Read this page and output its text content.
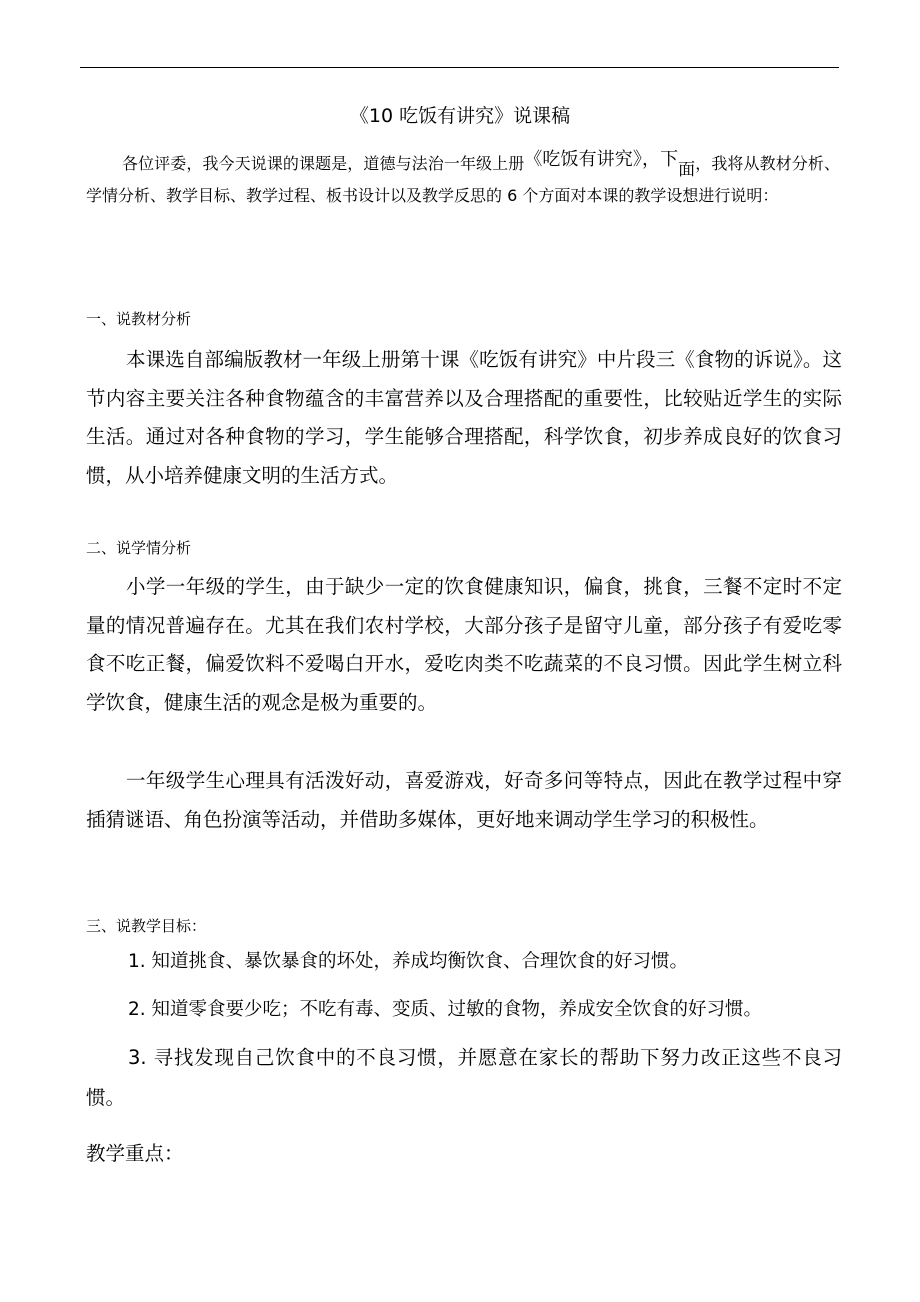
《10 吃饭有讲究》说课稿

各位评委，我今天说课的课题是，道德与法治一年级上册《吃饭有讲究》，下面，我将从教材分析、学情分析、教学目标、教学过程、板书设计以及教学反思的 6 个方面对本课的教学设想进行说明：

一、说教材分析

本课选自部编版教材一年级上册第十课《吃饭有讲究》中片段三《食物的诉说》。这节内容主要关注各种食物蕴含的丰富营养以及合理搭配的重要性，比较贴近学生的实际生活。通过对各种食物的学习，学生能够合理搭配，科学饮食，初步养成良好的饮食习惯，从小培养健康文明的生活方式。

二、说学情分析

小学一年级的学生，由于缺少一定的饮食健康知识，偏食，挑食，三餐不定时不定量的情况普遍存在。尤其在我们农村学校，大部分孩子是留守儿童，部分孩子有爱吃零食不吃正餐，偏爱饮料不爱喝白开水，爱吃肉类不吃蔬菜的不良习惯。因此学生树立科学饮食，健康生活的观念是极为重要的。

一年级学生心理具有活泼好动，喜爱游戏，好奇多问等特点，因此在教学过程中穿插猜谜语、角色扮演等活动，并借助多媒体，更好地来调动学生学习的积极性。

三、说教学目标：
1. 知道挑食、暴饮暴食的坏处，养成均衡饮食、合理饮食的好习惯。
2. 知道零食要少吃；不吃有毒、变质、过敏的食物，养成安全饮食的好习惯。

3. 寻找发现自己饮食中的不良习惯，并愿意在家长的帮助下努力改正这些不良习惯。

教学重点：
